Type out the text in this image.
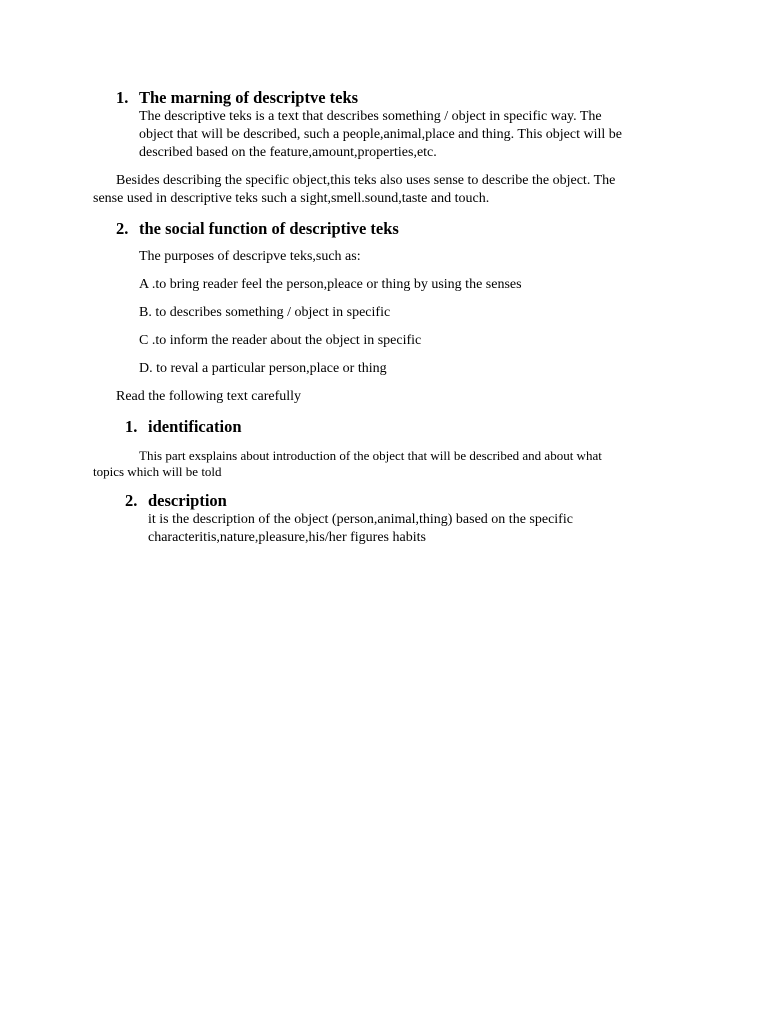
1. The marning of descriptve teks
The descriptive teks is a text that describes something / object in specific way. The
object that will be described, such a people,animal,place and thing. This object will be
described based on the feature,amount,properties,etc.
Besides describing the specific object,this teks also uses sense to describe the object. The
sense used in descriptive teks such a sight,smell.sound,taste and touch.
2. the social function of descriptive teks
The purposes of descripve teks,such as:
A .to bring reader feel the person,pleace or thing by using the senses
B. to describes something / object in specific
C .to inform the reader about the object in specific
D. to reval a particular person,place or thing
Read the following text carefully
1. identification
This part exsplains about introduction of the object that will be described and about what
topics which will be told
2. description
it is the description of the object (person,animal,thing) based on the specific
characteritis,nature,pleasure,his/her figures habits
